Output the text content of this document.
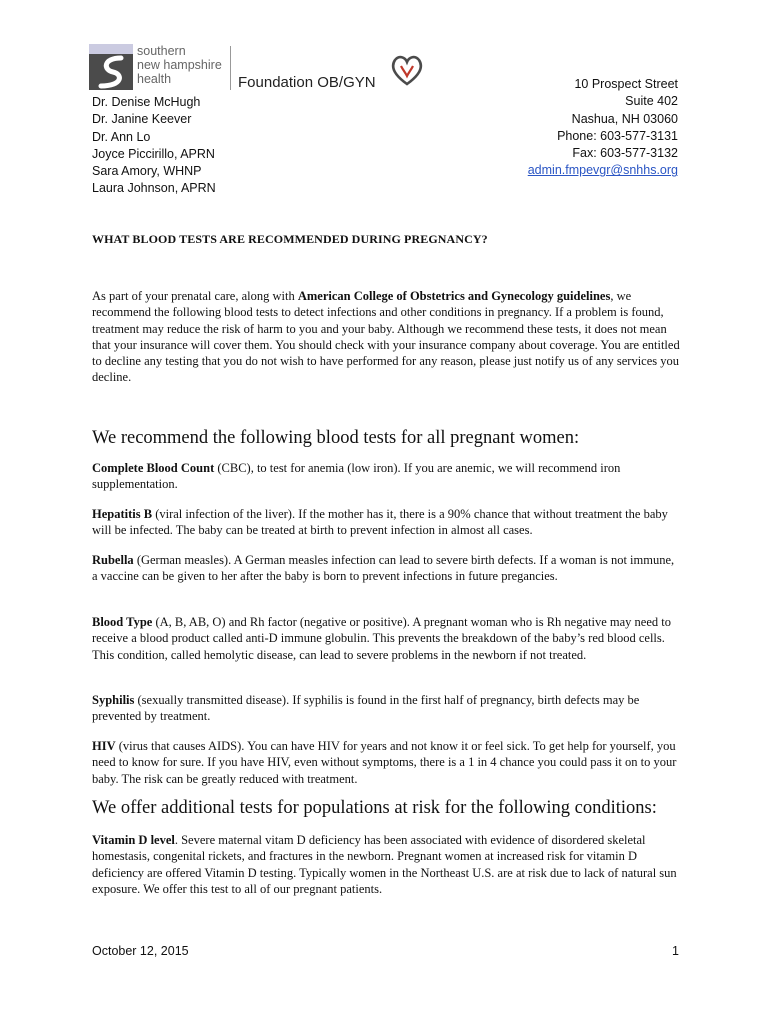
southern
new hampshire
health	Foundation OB/GYN
Dr. Denise McHugh
Dr. Janine Keever
Dr. Ann Lo
Joyce Piccirillo, APRN
Sara Amory, WHNP
Laura Johnson, APRN
10 Prospect Street
Suite 402
Nashua, NH 03060
Phone: 603-577-3131
Fax: 603-577-3132
admin.fmpevgr@snhhs.org
WHAT BLOOD TESTS ARE RECOMMENDED DURING PREGNANCY?

As part of your prenatal care, along with American College of Obstetrics and Gynecology guidelines, we recommend the following blood tests to detect infections and other conditions in pregnancy. If a problem is found, treatment may reduce the risk of harm to you and your baby. Although we recommend these tests, it does not mean that your insurance will cover them. You should check with your insurance company about coverage. You are entitled to decline any testing that you do not wish to have performed for any reason, please just notify us of any services you decline.

We recommend the following blood tests for all pregnant women:

Complete Blood Count (CBC), to test for anemia (low iron). If you are anemic, we will recommend iron supplementation.

Hepatitis B (viral infection of the liver). If the mother has it, there is a 90% chance that without treatment the baby will be infected. The baby can be treated at birth to prevent infection in almost all cases.

Rubella (German measles). A German measles infection can lead to severe birth defects. If a woman is not immune, a vaccine can be given to her after the baby is born to prevent infections in future pregancies.

Blood Type (A, B, AB, O) and Rh factor (negative or positive). A pregnant woman who is Rh negative may need to receive a blood product called anti-D immune globulin. This prevents the breakdown of the baby’s red blood cells. This condition, called hemolytic disease, can lead to severe problems in the newborn if not treated.

Syphilis (sexually transmitted disease). If syphilis is found in the first half of pregnancy, birth defects may be prevented by treatment.

HIV (virus that causes AIDS). You can have HIV for years and not know it or feel sick. To get help for yourself, you need to know for sure. If you have HIV, even without symptoms, there is a 1 in 4 chance you could pass it on to your baby. The risk can be greatly reduced with treatment.

We offer additional tests for populations at risk for the following conditions:

Vitamin D level. Severe maternal vitam D deficiency has been associated with evidence of disordered skeletal homestasis, congenital rickets, and fractures in the newborn. Pregnant women at increased risk for vitamin D deficiency are offered Vitamin D testing. Typically women in the Northeast U.S. are at risk due to lack of natural sun exposure. We offer this test to all of our pregnant patients.

October 12, 2015	1
